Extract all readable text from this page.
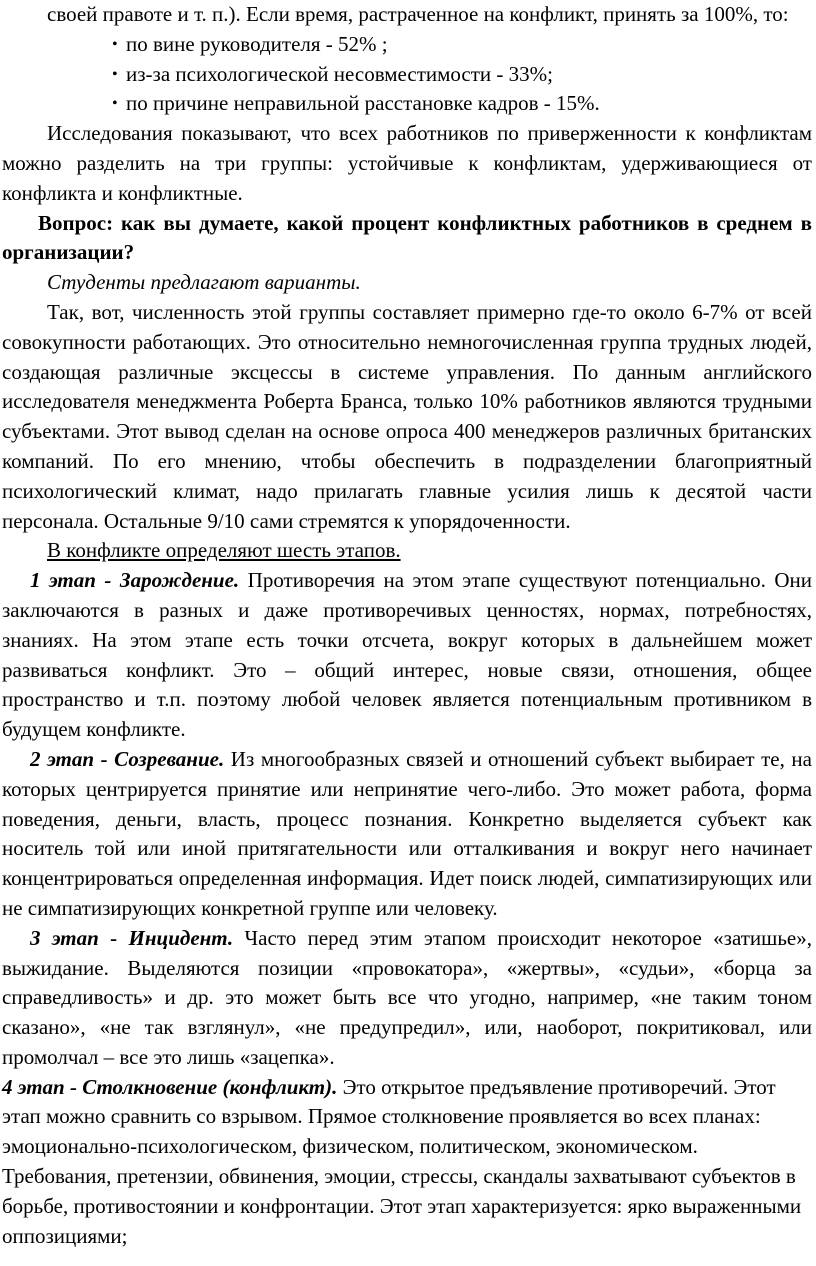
своей правоте и т. п.). Если время, растраченное на конфликт, принять за 100%, то:

• по вине руководителя - 52% ;
• из-за психологической несовместимости - 33%;
• по причине неправильной расстановке кадров - 15%.

Исследования показывают, что всех работников по приверженности к конфликтам можно разделить на три группы: устойчивые к конфликтам, удерживающиеся от конфликта и конфликтные.

Вопрос: как вы думаете, какой процент конфликтных работников в среднем в организации?

Студенты предлагают варианты.

Так, вот, численность этой группы составляет примерно где-то около 6-7% от всей совокупности работающих. Это относительно немногочисленная группа трудных людей, создающая различные эксцессы в системе управления. По данным английского исследователя менеджмента Роберта Бранса, только 10% работников являются трудными субъектами. Этот вывод сделан на основе опроса 400 менеджеров различных британских компаний. По его мнению, чтобы обеспечить в подразделении благоприятный психологический климат, надо прилагать главные усилия лишь к десятой части персонала. Остальные 9/10 сами стремятся к упорядоченности.

В конфликте определяют шесть этапов.

1 этап - Зарождение. Противоречия на этом этапе существуют потенциально. Они заключаются в разных и даже противоречивых ценностях, нормах, потребностях, знаниях. На этом этапе есть точки отсчета, вокруг которых в дальнейшем может развиваться конфликт. Это – общий интерес, новые связи, отношения, общее пространство и т.п. поэтому любой человек является потенциальным противником в будущем конфликте.

2 этап - Созревание. Из многообразных связей и отношений субъект выбирает те, на которых центрируется принятие или непринятие чего-либо. Это может работа, форма поведения, деньги, власть, процесс познания. Конкретно выделяется субъект как носитель той или иной притягательности или отталкивания и вокруг него начинает концентрироваться определенная информация. Идет поиск людей, симпатизирующих или не симпатизирующих конкретной группе или человеку.

3 этап - Инцидент. Часто перед этим этапом происходит некоторое «затишье», выжидание. Выделяются позиции «провокатора», «жертвы», «судьи», «борца за справедливость» и др. это может быть все что угодно, например, «не таким тоном сказано», «не так взглянул», «не предупредил», или, наоборот, покритиковал, или промолчал – все это лишь «зацепка».

4 этап - Столкновение (конфликт). Это открытое предъявление противоречий. Этот этап можно сравнить со взрывом. Прямое столкновение проявляется во всех планах: эмоционально-психологическом, физическом, политическом, экономическом. Требования, претензии, обвинения, эмоции, стрессы, скандалы захватывают субъектов в борьбе, противостоянии и конфронтации. Этот этап характеризуется: ярко выраженными оппозициями;
